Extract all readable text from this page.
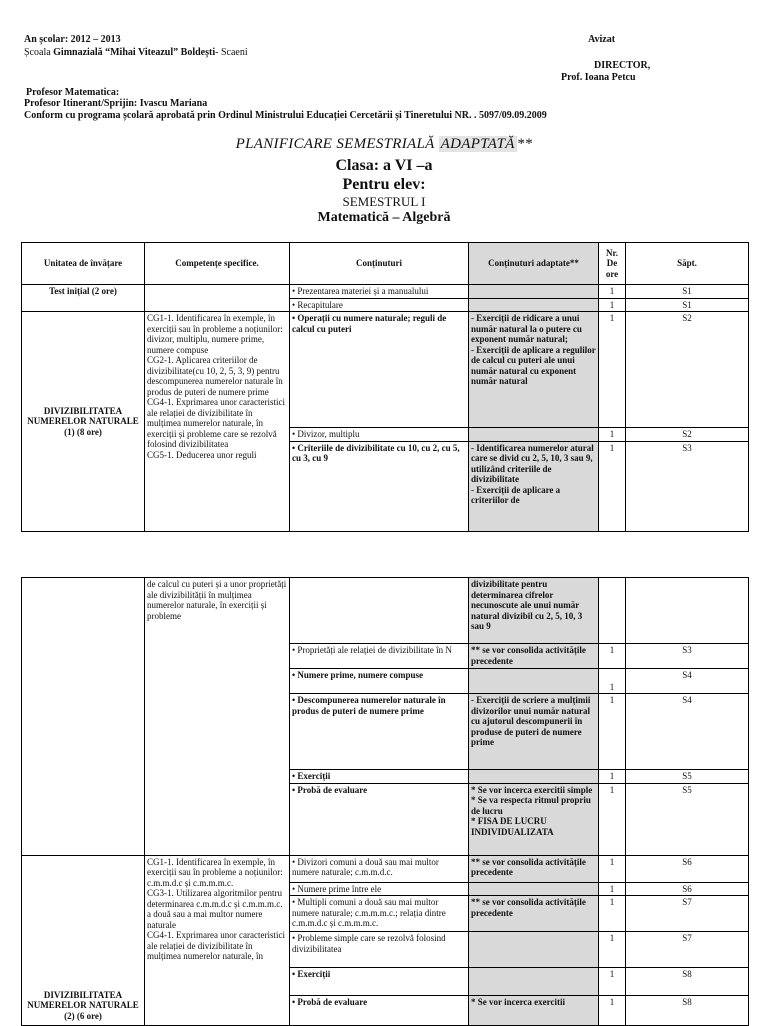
An școlar: 2012 – 2013
Școala Gimnazială “Mihai Viteazul” Boldești- Scaeni
Avizat
DIRECTOR,
Prof. Ioana Petcu
Profesor Matematica:
Profesor Itinerant/Sprijin: Ivascu Mariana
Conform cu programa școlară aprobată prin Ordinul Ministrului Educației Cercetării și Tineretului NR. . 5097/09.09.2009
PLANIFICARE SEMESTRIALĂ ADAPTATĂ **
Clasa: a VI –a
Pentru elev:
SEMESTRUL I
Matematică – Algebră
Unitatea de învățare	Competențe specifice.	Conținuturi	Conținuturi adaptate**	Nr. De ore	Săpt.
Test inițial (2 ore)		• Prezentarea materiei și a manualului		1	S1
		• Recapitulare		1	S1
DIVIZIBILITATEA NUMERELOR NATURALE (1) (8 ore)	CG1-1. Identificarea în exemple, în exerciții sau în probleme a noțiunilor: divizor, multiplu, numere prime, numere compuse
CG2-1. Aplicarea criteriilor de divizibilitate(cu 10, 2, 5, 3, 9) pentru descompunerea numerelor naturale în produs de puteri de numere prime
CG4-1. Exprimarea unor caracteristici ale relației de divizibilitate în mulțimea numerelor naturale, în exerciții și probleme care se rezolvă folosind divizibilitatea
CG5-1. Deducerea unor reguli	• Operații cu numere naturale; reguli de calcul cu puteri	- Exerciții de ridicare a unui număr natural la o putere cu exponent număr natural;
- Exerciții de aplicare a regulilor de calcul cu puteri ale unui număr natural cu exponent număr natural	1	S2
		• Divizor, multiplu		1	S2
		• Criteriile de divizibilitate cu 10, cu 2, cu 5, cu 3, cu 9	- Identificarea numerelor atural care se divid cu 2, 5, 10, 3 sau 9, utilizând criteriile de divizibilitate
- Exerciții de aplicare a criteriilor de	1	S3
	de calcul cu puteri și a unor proprietăți ale divizibilității în mulțimea numerelor naturale, în exerciții și probleme		divizibilitate pentru determinarea cifrelor necunoscute ale unui număr natural divizibil cu 2, 5, 10, 3 sau 9		
		• Proprietăți ale relației de divizibilitate în N	** se vor consolida activitățile precedente	1	S3
		• Numere prime, numere compuse		1	S4
		• Descompunerea numerelor naturale în produs de puteri de numere prime	- Exerciții de scriere a mulțimii divizorilor unui număr natural cu ajutorul descompunerii în produse de puteri de numere prime	1	S4
		• Exerciții		1	S5
		• Probă de evaluare	* Se vor incerca exercitii simple
* Se va respecta ritmul propriu de lucru
* FISA DE LUCRU INDIVIDUALIZATA	1	S5
DIVIZIBILITATEA NUMERELOR NATURALE (2) (6 ore)	CG1-1. Identificarea în exemple, în exerciții sau în probleme a noțiunilor: c.m.m.d.c și c.m.m.m.c.
CG3-1. Utilizarea algoritmilor pentru determinarea c.m.m.d.c și c.m.m.m.c. a două sau a mai multor numere naturale
CG4-1. Exprimarea unor caracteristici ale relației de divizibilitate în mulțimea numerelor naturale, în	• Divizori comuni a două sau mai multor numere naturale; c.m.m.d.c.	** se vor consolida activitățile precedente	1	S6
		• Numere prime între ele		1	S6
		• Multipli comuni a două sau mai multor numere naturale; c.m.m.m.c.; relația dintre c.m.m.d.c și c.m.m.m.c.	** se vor consolida activitățile precedente	1	S7
		• Probleme simple care se rezolvă folosind divizibilitatea		1	S7
		• Exerciții		1	S8
		• Probă de evaluare	* Se vor incerca exercitii	1	S8
